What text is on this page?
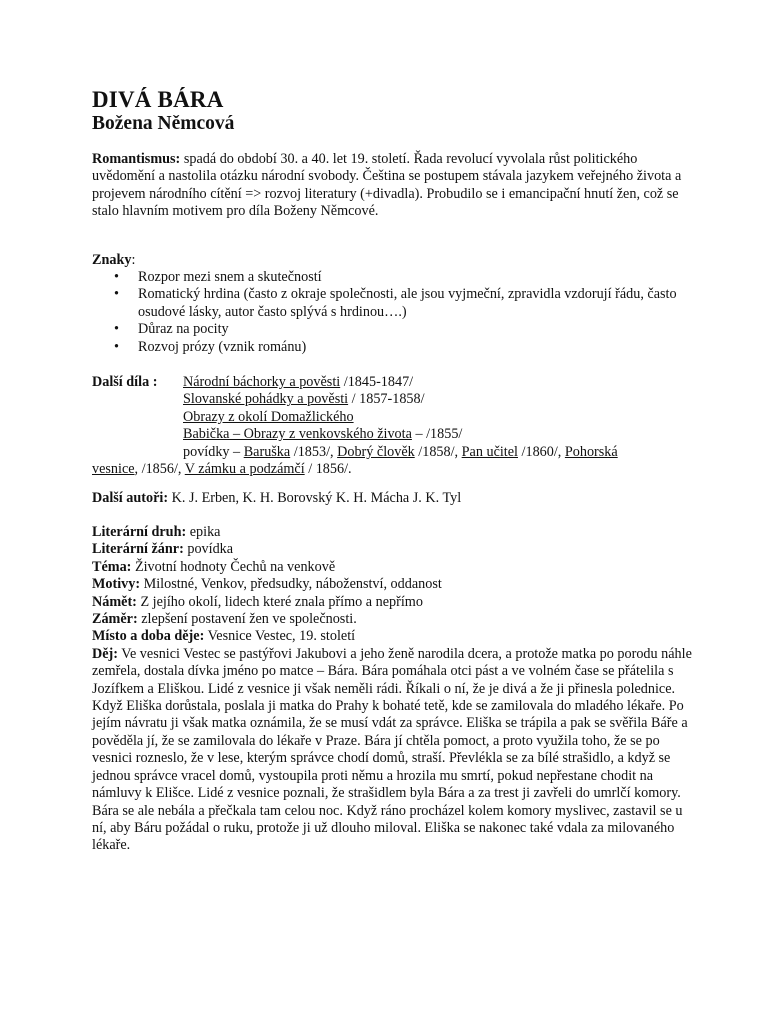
DIVÁ BÁRA
Božena Němcová
Romantismus: spadá do období 30. a 40. let 19. století. Řada revolucí vyvolala růst politického uvědomění a nastolila otázku národní svobody. Čeština se postupem stávala jazykem veřejného života a projevem národního cítění => rozvoj literatury (+divadla). Probudilo se i emancipační hnutí žen, což se stalo hlavním motivem pro díla Boženy Němcové.
Znaky:
• Rozpor mezi snem a skutečností
• Romatický hrdina (často z okraje společnosti, ale jsou vyjmeční, zpravidla vzdorují řádu, často osudové lásky, autor často splývá s hrdinou….)
• Důraz na pocity
• Rozvoj prózy (vznik románu)
Další díla : Národní báchorky a pověsti /1845-1847/
Slovanské pohádky a pověsti / 1857-1858/
Obrazy z okolí Domažlického
Babička – Obrazy z venkovského života – /1855/
povídky – Baruška /1853/, Dobrý člověk /1858/, Pan učitel /1860/, Pohorská
vesnice, /1856/, V zámku a podzámčí / 1856/.
Další autoři: K. J. Erben, K. H. Borovský K. H. Mácha J. K. Tyl
Literární druh: epika
Literární žánr: povídka
Téma: Životní hodnoty Čechů na venkově
Motivy: Milostné, Venkov, předsudky, náboženství, oddanost
Námět: Z jejího okolí, lidech které znala přímo a nepřímo
Záměr: zlepšení postavení žen ve společnosti.
Místo a doba děje: Vesnice Vestec, 19. století
Děj: Ve vesnici Vestec se pastýřovi Jakubovi a jeho ženě narodila dcera, a protože matka po porodu náhle zemřela, dostala dívka jméno po matce – Bára. Bára pomáhala otci pást a ve volném čase se přátelila s Jozífkem a Eliškou. Lidé z vesnice ji však neměli rádi. Říkali o ní, že je divá a že ji přinesla polednice. Když Eliška dorůstala, poslala ji matka do Prahy k bohaté tetě, kde se zamilovala do mladého lékaře. Po jejím návratu ji však matka oznámila, že se musí vdát za správce. Eliška se trápila a pak se svěřila Báře a pověděla jí, že se zamilovala do lékaře v Praze. Bára jí chtěla pomoct, a proto využila toho, že se po vesnici rozneslo, že v lese, kterým správce chodí domů, straší. Převlékla se za bílé strašidlo, a když se jednou správce vracel domů, vystoupila proti němu a hrozila mu smrtí, pokud nepřestane chodit na námluvy k Elišce. Lidé z vesnice poznali, že strašidlem byla Bára a za trest ji zavřeli do umrlčí komory. Bára se ale nebála a přečkala tam celou noc. Když ráno procházel kolem komory myslivec, zastavil se u ní, aby Báru požádal o ruku, protože ji už dlouho miloval. Eliška se nakonec také vdala za milovaného lékaře.
